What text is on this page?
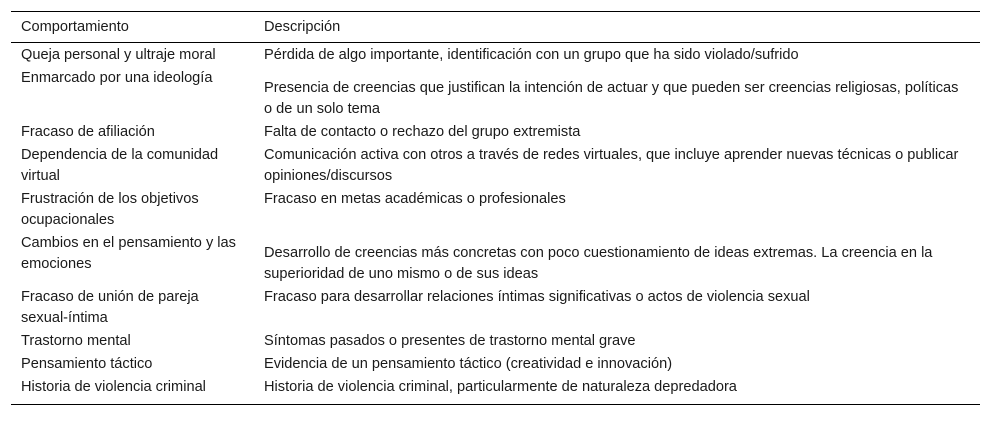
Comportamiento	Descripción
Queja personal y ultraje moral	Pérdida de algo importante, identificación con un grupo que ha sido violado/sufrido
Enmarcado por una ideología	Presencia de creencias que justifican la intención de actuar y que pueden ser creencias religiosas, políticas o de un solo tema
Fracaso de afiliación	Falta de contacto o rechazo del grupo extremista
Dependencia de la comunidad virtual	Comunicación activa con otros a través de redes virtuales, que incluye aprender nuevas técnicas o publicar opiniones/discursos
Frustración de los objetivos ocupacionales	Fracaso en metas académicas o profesionales
Cambios en el pensamiento y las emociones	Desarrollo de creencias más concretas con poco cuestionamiento de ideas extremas. La creencia en la superioridad de uno mismo o de sus ideas
Fracaso de unión de pareja sexual-íntima	Fracaso para desarrollar relaciones íntimas significativas o actos de violencia sexual
Trastorno mental	Síntomas pasados o presentes de trastorno mental grave
Pensamiento táctico	Evidencia de un pensamiento táctico (creatividad e innovación)
Historia de violencia criminal	Historia de violencia criminal, particularmente de naturaleza depredadora
